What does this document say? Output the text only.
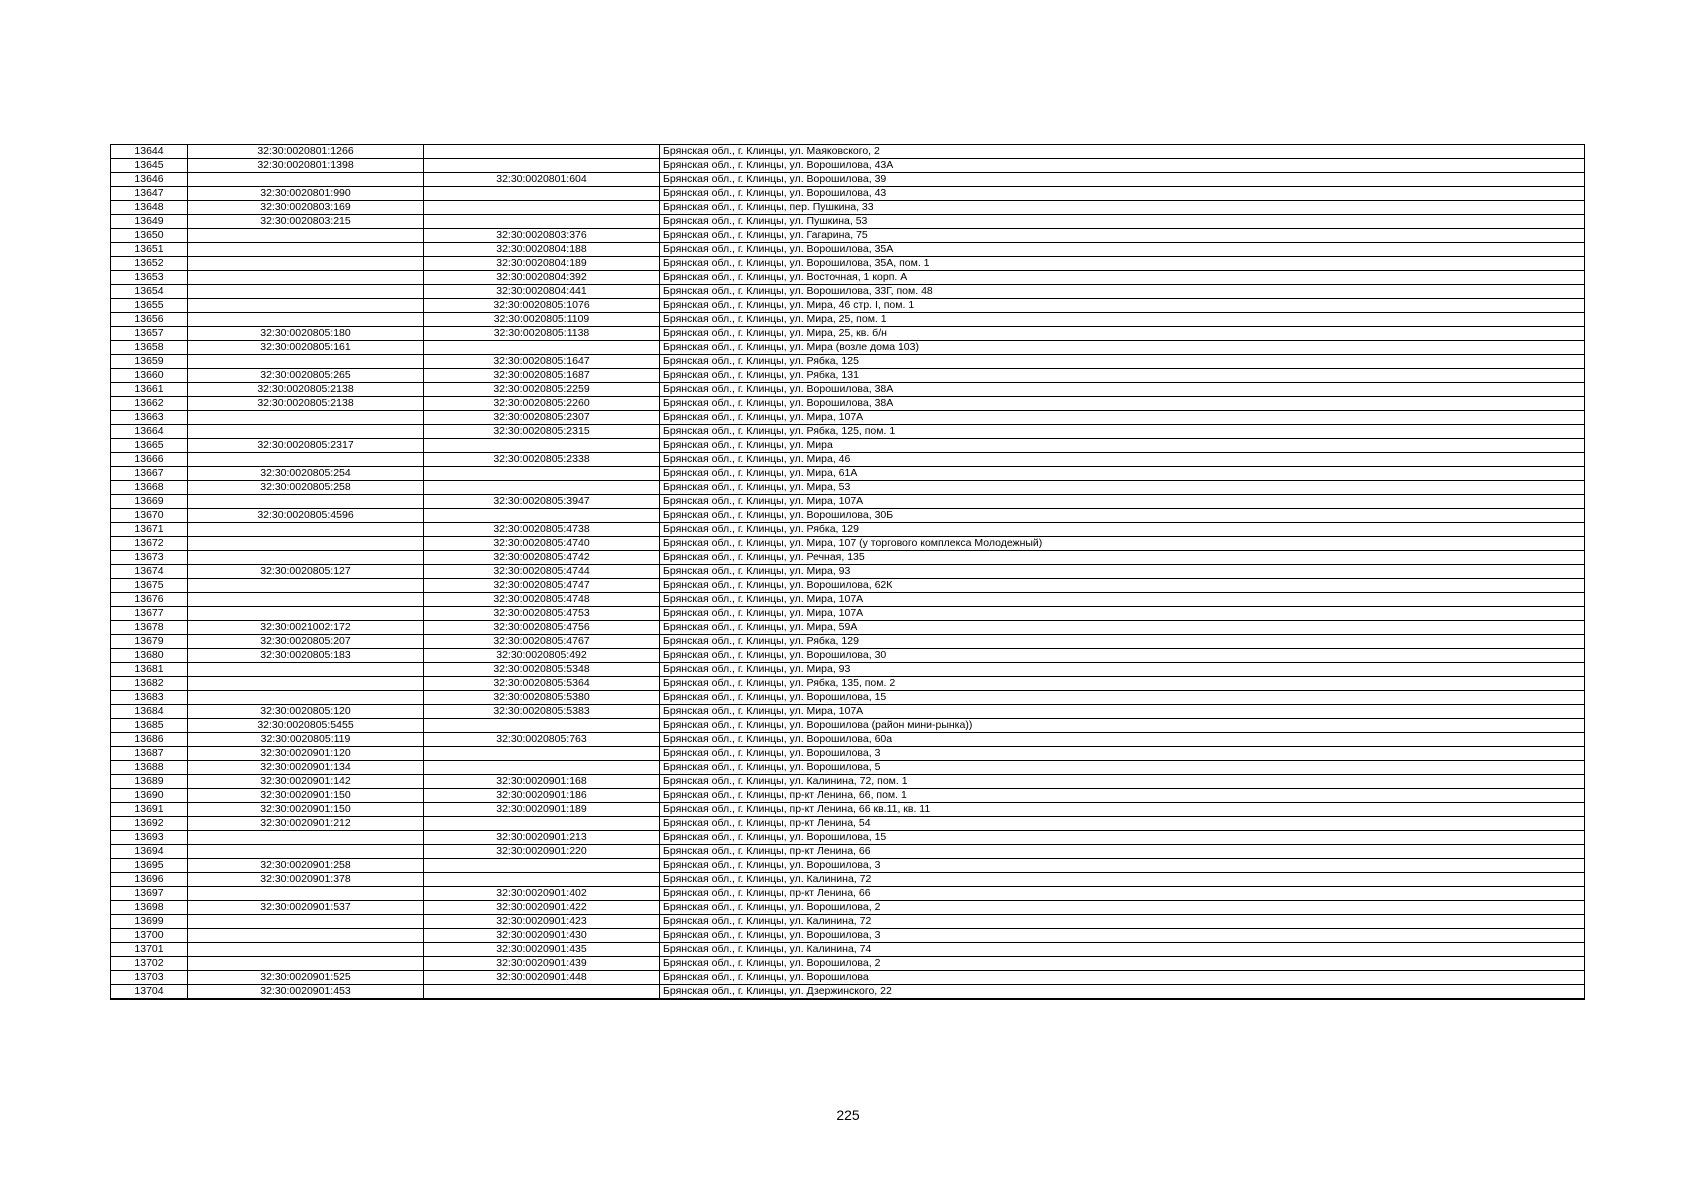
13644	32:30:0020801:1266		Брянская обл., г. Клинцы, ул. Маяковского, 2
13645	32:30:0020801:1398		Брянская обл., г. Клинцы, ул. Ворошилова, 43А
13646		32:30:0020801:604	Брянская обл., г. Клинцы, ул. Ворошилова, 39
13647	32:30:0020801:990		Брянская обл., г. Клинцы, ул. Ворошилова, 43
13648	32:30:0020803:169		Брянская обл., г. Клинцы, пер. Пушкина, 33
13649	32:30:0020803:215		Брянская обл., г. Клинцы, ул. Пушкина, 53
13650		32:30:0020803:376	Брянская обл., г. Клинцы, ул. Гагарина, 75
13651		32:30:0020804:188	Брянская обл., г. Клинцы, ул. Ворошилова, 35А
13652		32:30:0020804:189	Брянская обл., г. Клинцы, ул. Ворошилова, 35А, пом. 1
13653		32:30:0020804:392	Брянская обл., г. Клинцы, ул. Восточная, 1 корп. А
13654		32:30:0020804:441	Брянская обл., г. Клинцы, ул. Ворошилова, 33Г, пом. 48
13655		32:30:0020805:1076	Брянская обл., г. Клинцы, ул. Мира, 46 стр. I, пом. 1
13656		32:30:0020805:1109	Брянская обл., г. Клинцы, ул. Мира, 25, пом. 1
13657	32:30:0020805:180	32:30:0020805:1138	Брянская обл., г. Клинцы, ул. Мира, 25, кв. б/н
13658	32:30:0020805:161		Брянская обл., г. Клинцы, ул. Мира (возле дома 103)
13659		32:30:0020805:1647	Брянская обл., г. Клинцы, ул. Рябка, 125
13660	32:30:0020805:265	32:30:0020805:1687	Брянская обл., г. Клинцы, ул. Рябка, 131
13661	32:30:0020805:2138	32:30:0020805:2259	Брянская обл., г. Клинцы, ул. Ворошилова, 38А
13662	32:30:0020805:2138	32:30:0020805:2260	Брянская обл., г. Клинцы, ул. Ворошилова, 38А
13663		32:30:0020805:2307	Брянская обл., г. Клинцы, ул. Мира, 107А
13664		32:30:0020805:2315	Брянская обл., г. Клинцы, ул. Рябка, 125, пом. 1
13665	32:30:0020805:2317		Брянская обл., г. Клинцы, ул. Мира
13666		32:30:0020805:2338	Брянская обл., г. Клинцы, ул. Мира, 46
13667	32:30:0020805:254		Брянская обл., г. Клинцы, ул. Мира, 61А
13668	32:30:0020805:258		Брянская обл., г. Клинцы, ул. Мира, 53
13669		32:30:0020805:3947	Брянская обл., г. Клинцы, ул. Мира, 107А
13670	32:30:0020805:4596		Брянская обл., г. Клинцы, ул. Ворошилова, 30Б
13671		32:30:0020805:4738	Брянская обл., г. Клинцы, ул. Рябка, 129
13672		32:30:0020805:4740	Брянская обл., г. Клинцы, ул. Мира, 107 (у торгового комплекса Молодежный)
13673		32:30:0020805:4742	Брянская обл., г. Клинцы, ул. Речная, 135
13674	32:30:0020805:127	32:30:0020805:4744	Брянская обл., г. Клинцы, ул. Мира, 93
13675		32:30:0020805:4747	Брянская обл., г. Клинцы, ул. Ворошилова, 62К
13676		32:30:0020805:4748	Брянская обл., г. Клинцы, ул. Мира, 107А
13677		32:30:0020805:4753	Брянская обл., г. Клинцы, ул. Мира, 107А
13678	32:30:0021002:172	32:30:0020805:4756	Брянская обл., г. Клинцы, ул. Мира, 59А
13679	32:30:0020805:207	32:30:0020805:4767	Брянская обл., г. Клинцы, ул. Рябка, 129
13680	32:30:0020805:183	32:30:0020805:492	Брянская обл., г. Клинцы, ул. Ворошилова, 30
13681		32:30:0020805:5348	Брянская обл., г. Клинцы, ул. Мира, 93
13682		32:30:0020805:5364	Брянская обл., г. Клинцы, ул. Рябка, 135, пом. 2
13683		32:30:0020805:5380	Брянская обл., г. Клинцы, ул. Ворошилова, 15
13684	32:30:0020805:120	32:30:0020805:5383	Брянская обл., г. Клинцы, ул. Мира, 107А
13685	32:30:0020805:5455		Брянская обл., г. Клинцы, ул. Ворошилова (район мини-рынка))
13686	32:30:0020805:119	32:30:0020805:763	Брянская обл., г. Клинцы, ул. Ворошилова, 60а
13687	32:30:0020901:120		Брянская обл., г. Клинцы, ул. Ворошилова, 3
13688	32:30:0020901:134		Брянская обл., г. Клинцы, ул. Ворошилова, 5
13689	32:30:0020901:142	32:30:0020901:168	Брянская обл., г. Клинцы, ул. Калинина, 72, пом. 1
13690	32:30:0020901:150	32:30:0020901:186	Брянская обл., г. Клинцы, пр-кт Ленина, 66, пом. 1
13691	32:30:0020901:150	32:30:0020901:189	Брянская обл., г. Клинцы, пр-кт Ленина, 66 кв.11, кв. 11
13692	32:30:0020901:212		Брянская обл., г. Клинцы, пр-кт Ленина, 54
13693		32:30:0020901:213	Брянская обл., г. Клинцы, ул. Ворошилова, 15
13694		32:30:0020901:220	Брянская обл., г. Клинцы, пр-кт Ленина, 66
13695	32:30:0020901:258		Брянская обл., г. Клинцы, ул. Ворошилова, 3
13696	32:30:0020901:378		Брянская обл., г. Клинцы, ул. Калинина, 72
13697		32:30:0020901:402	Брянская обл., г. Клинцы, пр-кт Ленина, 66
13698	32:30:0020901:537	32:30:0020901:422	Брянская обл., г. Клинцы, ул. Ворошилова, 2
13699		32:30:0020901:423	Брянская обл., г. Клинцы, ул. Калинина, 72
13700		32:30:0020901:430	Брянская обл., г. Клинцы, ул. Ворошилова, 3
13701		32:30:0020901:435	Брянская обл., г. Клинцы, ул. Калинина, 74
13702		32:30:0020901:439	Брянская обл., г. Клинцы, ул. Ворошилова, 2
13703	32:30:0020901:525	32:30:0020901:448	Брянская обл., г. Клинцы, ул. Ворошилова
13704	32:30:0020901:453		Брянская обл., г. Клинцы, ул. Дзержинского, 22
225
